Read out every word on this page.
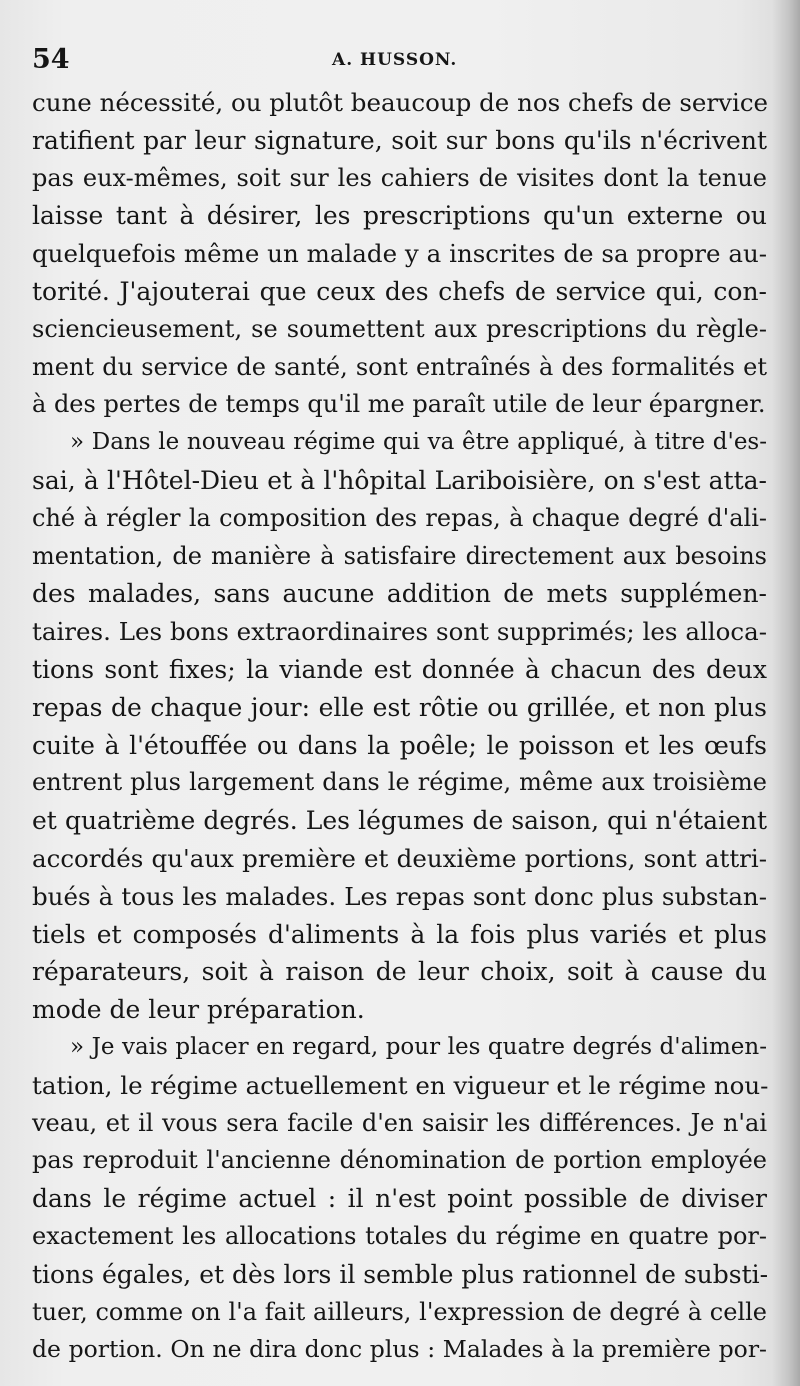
54	A. HUSSON.
cune nécessité, ou plutôt beaucoup de nos chefs de service
ratifient par leur signature, soit sur bons qu'ils n'écrivent
pas eux-mêmes, soit sur les cahiers de visites dont la tenue
laisse tant à désirer, les prescriptions qu'un externe ou
quelquefois même un malade y a inscrites de sa propre au-
torité. J'ajouterai que ceux des chefs de service qui, con-
sciencieusement, se soumettent aux prescriptions du règle-
ment du service de santé, sont entraînés à des formalités et
à des pertes de temps qu'il me paraît utile de leur épargner.
» Dans le nouveau régime qui va être appliqué, à titre d'es-
sai, à l'Hôtel-Dieu et à l'hôpital Lariboisière, on s'est atta-
ché à régler la composition des repas, à chaque degré d'ali-
mentation, de manière à satisfaire directement aux besoins
des malades, sans aucune addition de mets supplémen-
taires. Les bons extraordinaires sont supprimés; les alloca-
tions sont fixes; la viande est donnée à chacun des deux
repas de chaque jour: elle est rôtie ou grillée, et non plus
cuite à l'étouffée ou dans la poêle; le poisson et les œufs
entrent plus largement dans le régime, même aux troisième
et quatrième degrés. Les légumes de saison, qui n'étaient
accordés qu'aux première et deuxième portions, sont attri-
bués à tous les malades. Les repas sont donc plus substan-
tiels et composés d'aliments à la fois plus variés et plus
réparateurs, soit à raison de leur choix, soit à cause du
mode de leur préparation.
» Je vais placer en regard, pour les quatre degrés d'alimen-
tation, le régime actuellement en vigueur et le régime nou-
veau, et il vous sera facile d'en saisir les différences. Je n'ai
pas reproduit l'ancienne dénomination de portion employée
dans le régime actuel : il n'est point possible de diviser
exactement les allocations totales du régime en quatre por-
tions égales, et dès lors il semble plus rationnel de substi-
tuer, comme on l'a fait ailleurs, l'expression de degré à celle
de portion. On ne dira donc plus : Malades à la première por-
